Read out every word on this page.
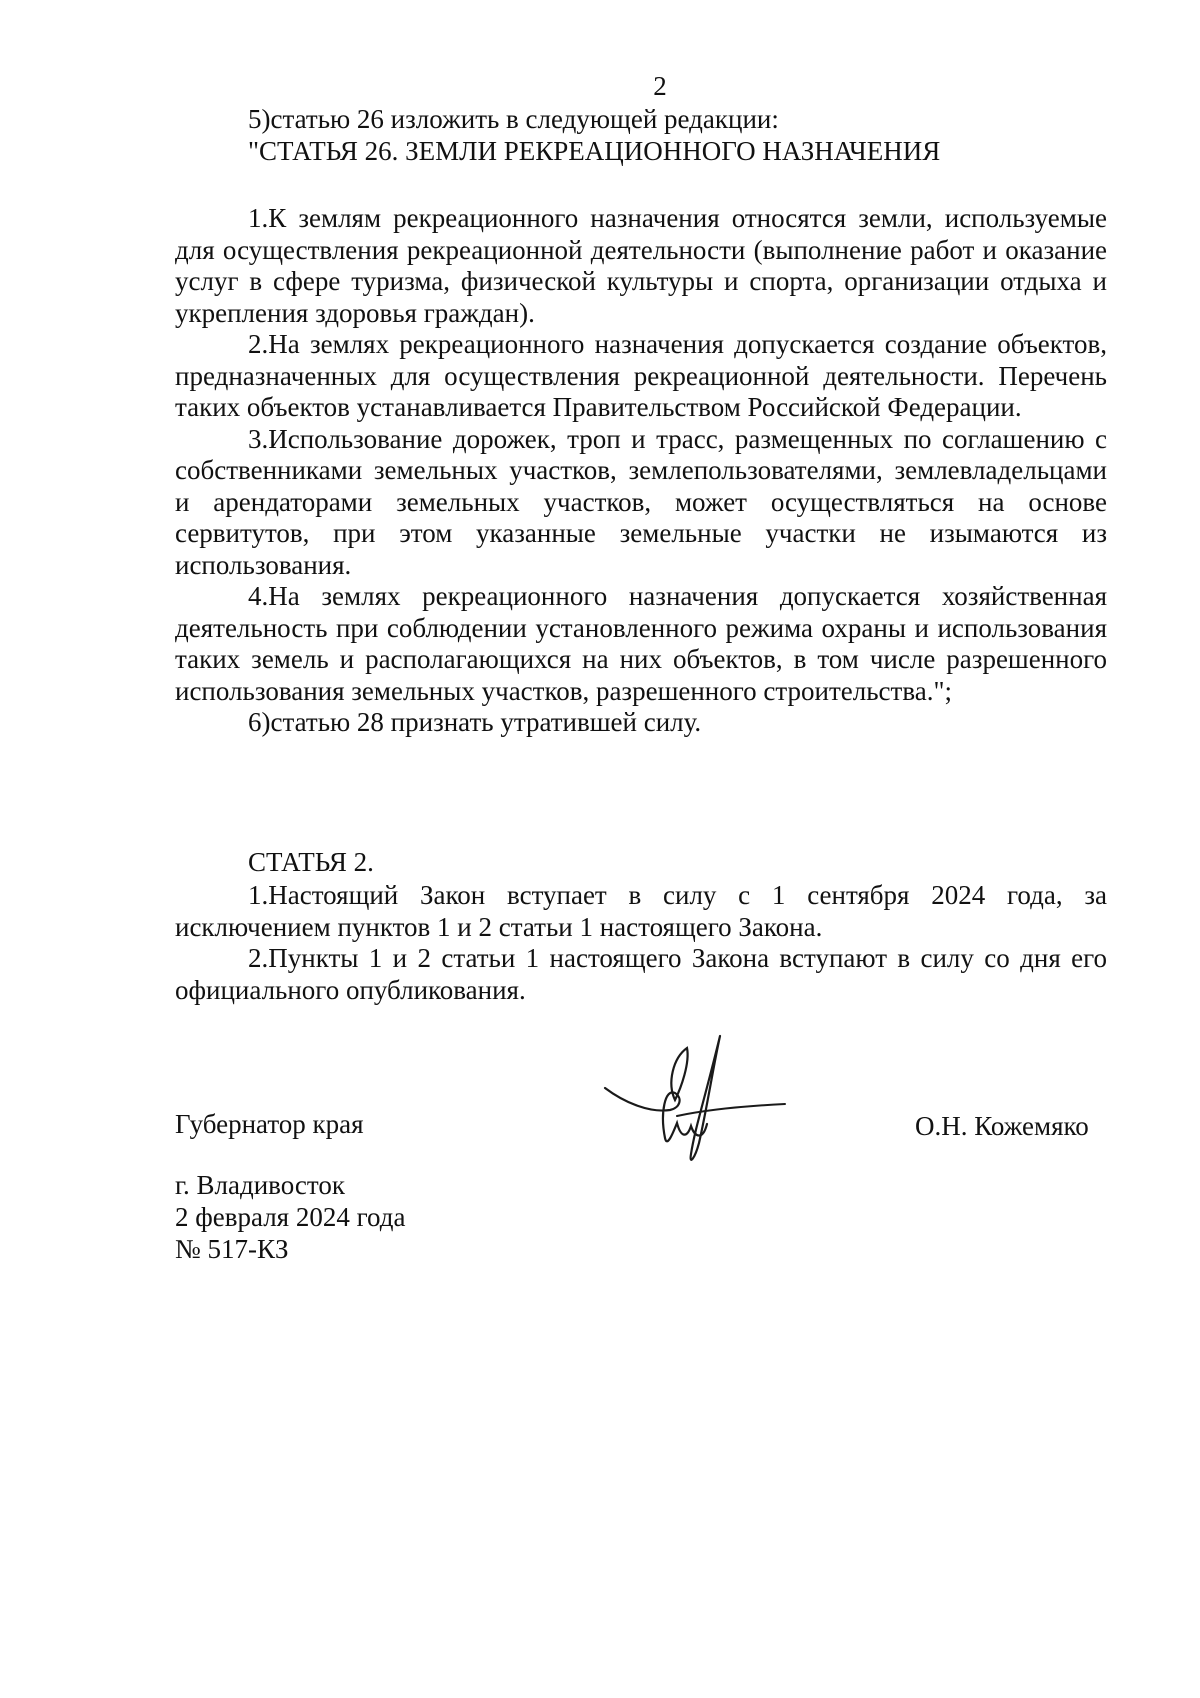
2
5)статью 26 изложить в следующей редакции:
"СТАТЬЯ 26. ЗЕМЛИ РЕКРЕАЦИОННОГО НАЗНАЧЕНИЯ

1.К землям рекреационного назначения относятся земли, используемые для осуществления рекреационной деятельности (выполнение работ и оказание услуг в сфере туризма, физической культуры и спорта, организации отдыха и укрепления здоровья граждан).

2.На землях рекреационного назначения допускается создание объектов, предназначенных для осуществления рекреационной деятельности. Перечень таких объектов устанавливается Правительством Российской Федерации.

3.Использование дорожек, троп и трасс, размещенных по соглашению с собственниками земельных участков, землепользователями, землевладельцами и арендаторами земельных участков, может осуществляться на основе сервитутов, при этом указанные земельные участки не изымаются из использования.

4.На землях рекреационного назначения допускается хозяйственная деятельность при соблюдении установленного режима охраны и использования таких земель и располагающихся на них объектов, в том числе разрешенного использования земельных участков, разрешенного строительства.";

6)статью 28 признать утратившей силу.

СТАТЬЯ 2.

1.Настоящий Закон вступает в силу с 1 сентября 2024 года, за исключением пунктов 1 и 2 статьи 1 настоящего Закона.

2.Пункты 1 и 2 статьи 1 настоящего Закона вступают в силу со дня его официального опубликования.

Губернатор края	О.Н. Кожемяко
г. Владивосток
2 февраля 2024 года
№ 517-КЗ
